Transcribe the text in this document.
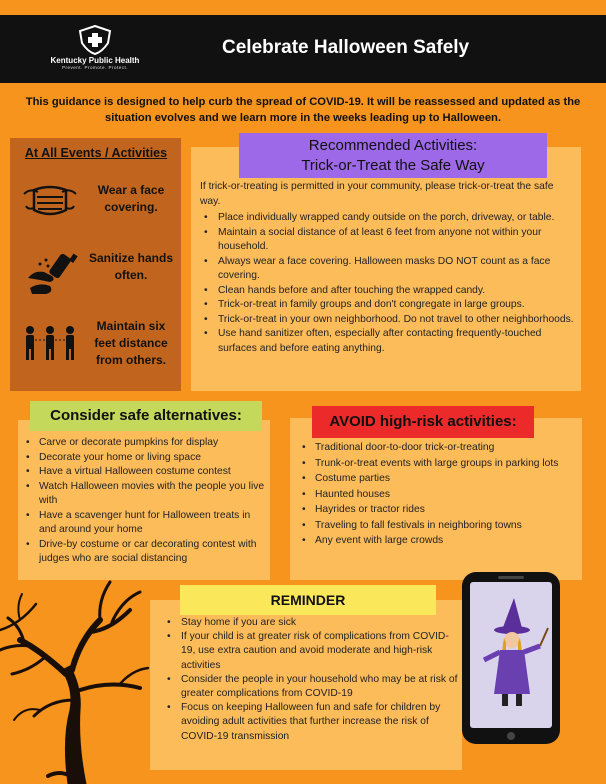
Kentucky Public Health
Prevent. Promote. Protect.
Celebrate Halloween Safely
This guidance is designed to help curb the spread of COVID-19. It will be reassessed and updated as the situation evolves and we learn more in the weeks leading up to Halloween.
At All Events / Activities
Wear a face covering.
Sanitize hands often.
Maintain six feet distance from others.
Recommended Activities:
Trick-or-Treat the Safe Way
If trick-or-treating is permitted in your community, please trick-or-treat the safe way.
• Place individually wrapped candy outside on the porch, driveway, or table.
• Maintain a social distance of at least 6 feet from anyone not within your household.
• Always wear a face covering. Halloween masks DO NOT count as a face covering.
• Clean hands before and after touching the wrapped candy.
• Trick-or-treat in family groups and don't congregate in large groups.
• Trick-or-treat in your own neighborhood. Do not travel to other neighborhoods.
• Use hand sanitizer often, especially after contacting frequently-touched surfaces and before eating anything.
Consider safe alternatives:
• Carve or decorate pumpkins for display
• Decorate your home or living space
• Have a virtual Halloween costume contest
• Watch Halloween movies with the people you live with
• Have a scavenger hunt for Halloween treats in and around your home
• Drive-by costume or car decorating contest with judges who are social distancing
AVOID high-risk activities:
• Traditional door-to-door trick-or-treating
• Trunk-or-treat events with large groups in parking lots
• Costume parties
• Haunted houses
• Hayrides or tractor rides
• Traveling to fall festivals in neighboring towns
• Any event with large crowds
REMINDER
• Stay home if you are sick
• If your child is at greater risk of complications from COVID-19, use extra caution and avoid moderate and high-risk activities
• Consider the people in your household who may be at risk of greater complications from COVID-19
• Focus on keeping Halloween fun and safe for children by avoiding adult activities that further increase the risk of COVID-19 transmission
